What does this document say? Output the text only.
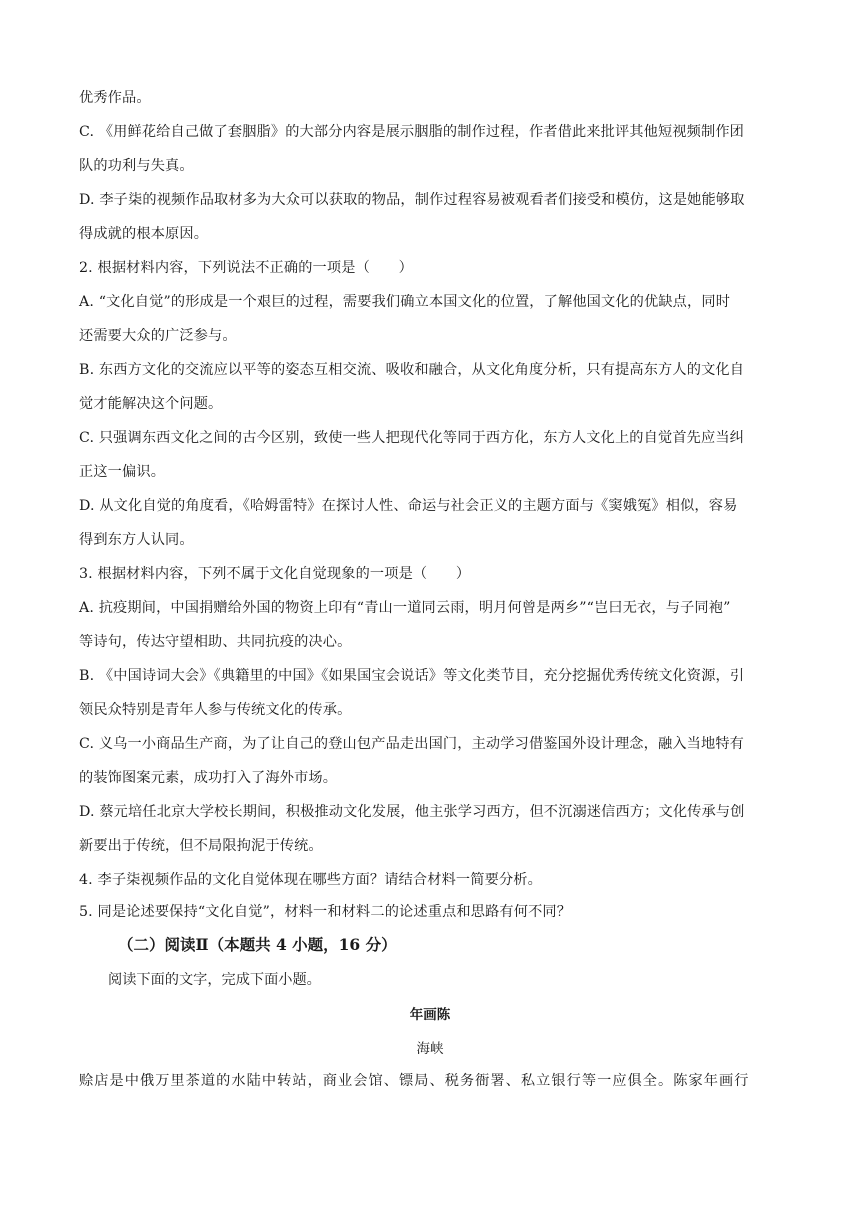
优秀作品。
C. 《用鲜花给自己做了套胭脂》的大部分内容是展示胭脂的制作过程，作者借此来批评其他短视频制作团
队的功利与失真。
D. 李子柒的视频作品取材多为大众可以获取的物品，制作过程容易被观看者们接受和模仿，这是她能够取
得成就的根本原因。
2. 根据材料内容，下列说法不正确的一项是（　　）
A. “文化自觉”的形成是一个艰巨的过程，需要我们确立本国文化的位置，了解他国文化的优缺点，同时
还需要大众的广泛参与。
B. 东西方文化的交流应以平等的姿态互相交流、吸收和融合，从文化角度分析，只有提高东方人的文化自
觉才能解决这个问题。
C. 只强调东西文化之间的古今区别，致使一些人把现代化等同于西方化，东方人文化上的自觉首先应当纠
正这一偏识。
D. 从文化自觉的角度看，《哈姆雷特》在探讨人性、命运与社会正义的主题方面与《窦娥冤》相似，容易
得到东方人认同。
3. 根据材料内容，下列不属于文化自觉现象的一项是（　　）
A. 抗疫期间，中国捐赠给外国的物资上印有“青山一道同云雨，明月何曾是两乡”“岂曰无衣，与子同袍”
等诗句，传达守望相助、共同抗疫的决心。
B. 《中国诗词大会》《典籍里的中国》《如果国宝会说话》等文化类节目，充分挖掘优秀传统文化资源，引
领民众特别是青年人参与传统文化的传承。
C. 义乌一小商品生产商，为了让自己的登山包产品走出国门，主动学习借鉴国外设计理念，融入当地特有
的装饰图案元素，成功打入了海外市场。
D. 蔡元培任北京大学校长期间，积极推动文化发展，他主张学习西方，但不沉溺迷信西方；文化传承与创
新要出于传统，但不局限拘泥于传统。
4. 李子柒视频作品的文化自觉体现在哪些方面？请结合材料一简要分析。
5. 同是论述要保持“文化自觉”，材料一和材料二的论述重点和思路有何不同？
（二）阅读Ⅱ（本题共 4 小题，16 分）
阅读下面的文字，完成下面小题。
年画陈
海峡
赊店是中俄万里茶道的水陆中转站，商业会馆、镖局、税务衙署、私立银行等一应俱全。陈家年画行
